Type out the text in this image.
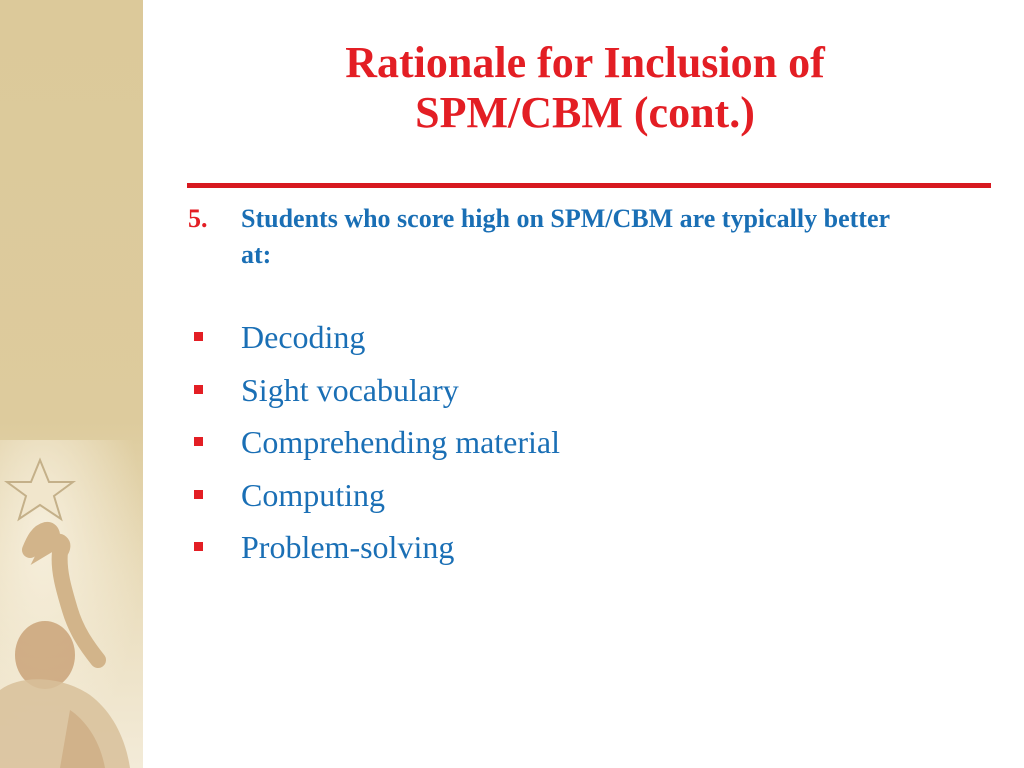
Rationale for Inclusion of
SPM/CBM (cont.)
5. Students who score high on SPM/CBM are typically better at:
Decoding
Sight vocabulary
Comprehending material
Computing
Problem-solving
